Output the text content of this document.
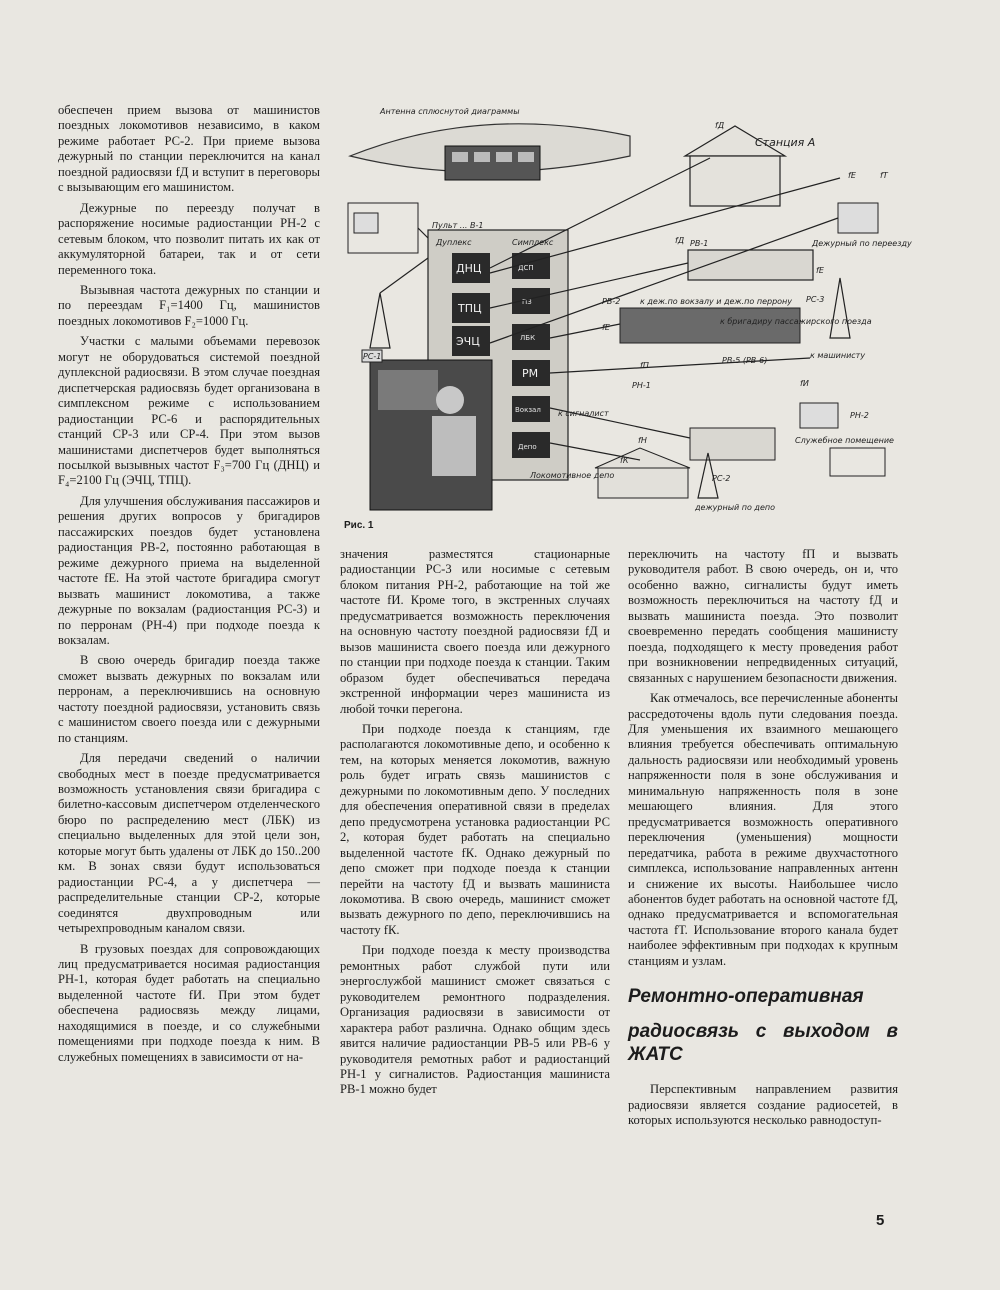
Антенна сплюснутой диаграммы
Станция А
Дежурный по переезду
Пульт ... В-1
Дуплекс	Симплекс
ДНЦ
ТПЦ
ЭЧЦ
ДСП
ПЗ
ЛБК
РМ
Вокзал
Депо
РС-1
РВ-1
РВ-2 к деж.по вокзалу и деж.по перрону
к бригадиру пассажирского поезда
РС-3
Служебное помещение
РН-2
РВ-5 (РВ-6)
к сигналист
РН-1
к машинисту
Локомотивное депо	РС-2
дежурный по депо
fД
fД
fE
fE
fE
fК
fН
fП
fИ
fТ
Рис. 1

обеспечен прием вызова от машинистов поездных локомотивов независимо, в каком режиме работает РС-2. При приеме вызова дежурный по станции переключится на канал поездной радиосвязи fД и вступит в переговоры с вызывающим его машинистом.

Дежурные по переезду получат в распоряжение носимые радиостанции РН-2 с сетевым блоком, что позволит питать их как от аккумуляторной батареи, так и от сети переменного тока.

Вызывная частота дежурных по станции и по переездам F₁=1400 Гц, машинистов поездных локомотивов F₂=1000 Гц.

Участки с малыми объемами перевозок могут не оборудоваться системой поездной дуплексной радиосвязи. В этом случае поездная диспетчерская радиосвязь будет организована в симплексном режиме с использованием радиостанции РС-6 и распорядительных станций СР-3 или СР-4. При этом вызов машинистами диспетчеров будет выполняться посылкой вызывных частот F₃=700 Гц (ДНЦ) и F₄=2100 Гц (ЭЧЦ, ТПЦ).

Для улучшения обслуживания пассажиров и решения других вопросов у бригадиров пассажирских поездов будет установлена радиостанция РВ-2, постоянно работающая в режиме дежурного приема на выделенной частоте fE. На этой частоте бригадира смогут вызвать машинист локомотива, а также дежурные по вокзалам (радиостанция РС-3) и по перронам (РН-4) при подходе поезда к вокзалам.

В свою очередь бригадир поезда также сможет вызвать дежурных по вокзалам или перронам, а переключившись на основную частоту поездной радиосвязи, установить связь с машинистом своего поезда или с дежурными по станциям.

Для передачи сведений о наличии свободных мест в поезде предусматривается возможность установления связи бригадира с билетно-кассовым диспетчером отделенческого бюро по распределению мест (ЛБК) из специально выделенных для этой цели зон, которые могут быть удалены от ЛБК до 150..200 км. В зонах связи будут использоваться радиостанции РС-4, а у диспетчера — распределительные станции СР-2, которые соединятся двухпроводным или четырехпроводным каналом связи.

В грузовых поездах для сопровождающих лиц предусматривается носимая радиостанция РН-1, которая будет работать на специально выделенной частоте fИ. При этом будет обеспечена радиосвязь между лицами, находящимися в поезде, и со служебными помещениями при подходе поезда к ним. В служебных помещениях в зависимости от на-

значения разместятся стационарные радиостанции РС-3 или носимые с сетевым блоком питания РН-2, работающие на той же частоте fИ. Кроме того, в экстренных случаях предусматривается возможность переключения на основную частоту поездной радиосвязи fД и вызов машиниста своего поезда или дежурного по станции при подходе поезда к станции. Таким образом будет обеспечиваться передача экстренной информации через машиниста из любой точки перегона.

При подходе поезда к станциям, где располагаются локомотивные депо, и особенно к тем, на которых меняется локомотив, важную роль будет играть связь машинистов с дежурными по локомотивным депо. У последних для обеспечения оперативной связи в пределах депо предусмотрена установка радиостанции РС 2, которая будет работать на специально выделенной частоте fК. Однако дежурный по депо сможет при подходе поезда к станции перейти на частоту fД и вызвать машиниста локомотива. В свою очередь, машинист сможет вызвать дежурного по депо, переключившись на частоту fК.

При подходе поезда к месту производства ремонтных работ службой пути или энергослужбой машинист сможет связаться с руководителем ремонтного подразделения. Организация радиосвязи в зависимости от характера работ различна. Однако общим здесь явится наличие радиостанции РВ-5 или РВ-6 у руководителя ремотных работ и радиостанций РН-1 у сигналистов. Радиостанция машиниста РВ-1 можно будет

переключить на частоту fП и вызвать руководителя работ. В свою очередь, он и, что особенно важно, сигналисты будут иметь возможность переключиться на частоту fД и вызвать машиниста поезда. Это позволит своевременно передать сообщения машинисту поезда, подходящего к месту проведения работ при возникновении непредвиденных ситуаций, связанных с нарушением безопасности движения.

Как отмечалось, все перечисленные абоненты рассредоточены вдоль пути следования поезда. Для уменьшения их взаимного мешающего влияния требуется обеспечивать оптимальную дальность радиосвязи или необходимый уровень напряженности поля в зоне обслуживания и минимальную напряженность поля в зоне мешающего влияния. Для этого предусматривается возможность оперативного переключения (уменьшения) мощности передатчика, работа в режиме двухчастотного симплекса, использование направленных антенн и снижение их высоты. Наибольшее число абонентов будет работать на основной частоте fД, однако предусматривается и вспомогательная частота fТ. Использование второго канала будет наиболее эффективным при подходах к крупным станциям и узлам.

Ремонтно-оперативная
радиосвязь с выходом в ЖАТС

Перспективным направлением развития радиосвязи является создание радиосетей, в которых используются несколько равнодоступ-

5
